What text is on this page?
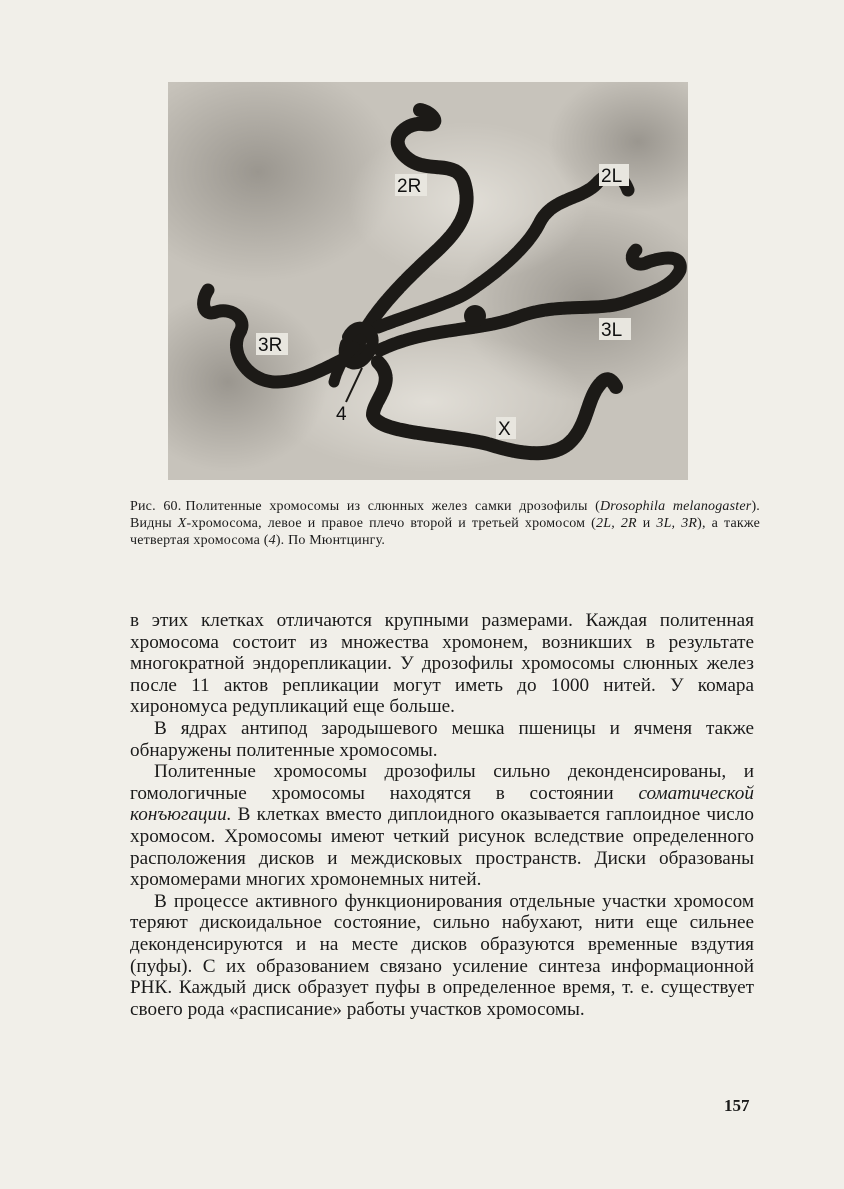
2R	2L
3R
3L
4
X
Рис. 60. Политенные хромосомы из слюнных желез самки дрозофилы (Drosophila melanogaster). Видны X-хромосома, левое и правое плечо второй и третьей хромосом (2L, 2R и 3L, 3R), а также четвертая хромосома (4). По Мюнтцингу.

в этих клетках отличаются крупными размерами. Каждая политенная хромосома состоит из множества хромонем, возникших в результате многократной эндорепликации. У дрозофилы хромосомы слюнных желез после 11 актов репликации могут иметь до 1000 нитей. У комара хирономуса редупликаций еще больше.

В ядрах антипод зародышевого мешка пшеницы и ячменя также обнаружены политенные хромосомы.

Политенные хромосомы дрозофилы сильно деконденсированы, и гомологичные хромосомы находятся в состоянии соматической конъюгации. В клетках вместо диплоидного оказывается гаплоидное число хромосом. Хромосомы имеют четкий рисунок вследствие определенного расположения дисков и междисковых пространств. Диски образованы хромомерами многих хромонемных нитей.

В процессе активного функционирования отдельные участки хромосом теряют дискоидальное состояние, сильно набухают, нити еще сильнее деконденсируются и на месте дисков образуются временные вздутия (пуфы). С их образованием связано усиление синтеза информационной РНК. Каждый диск образует пуфы в определенное время, т. е. существует своего рода «расписание» работы участков хромосомы.

157
